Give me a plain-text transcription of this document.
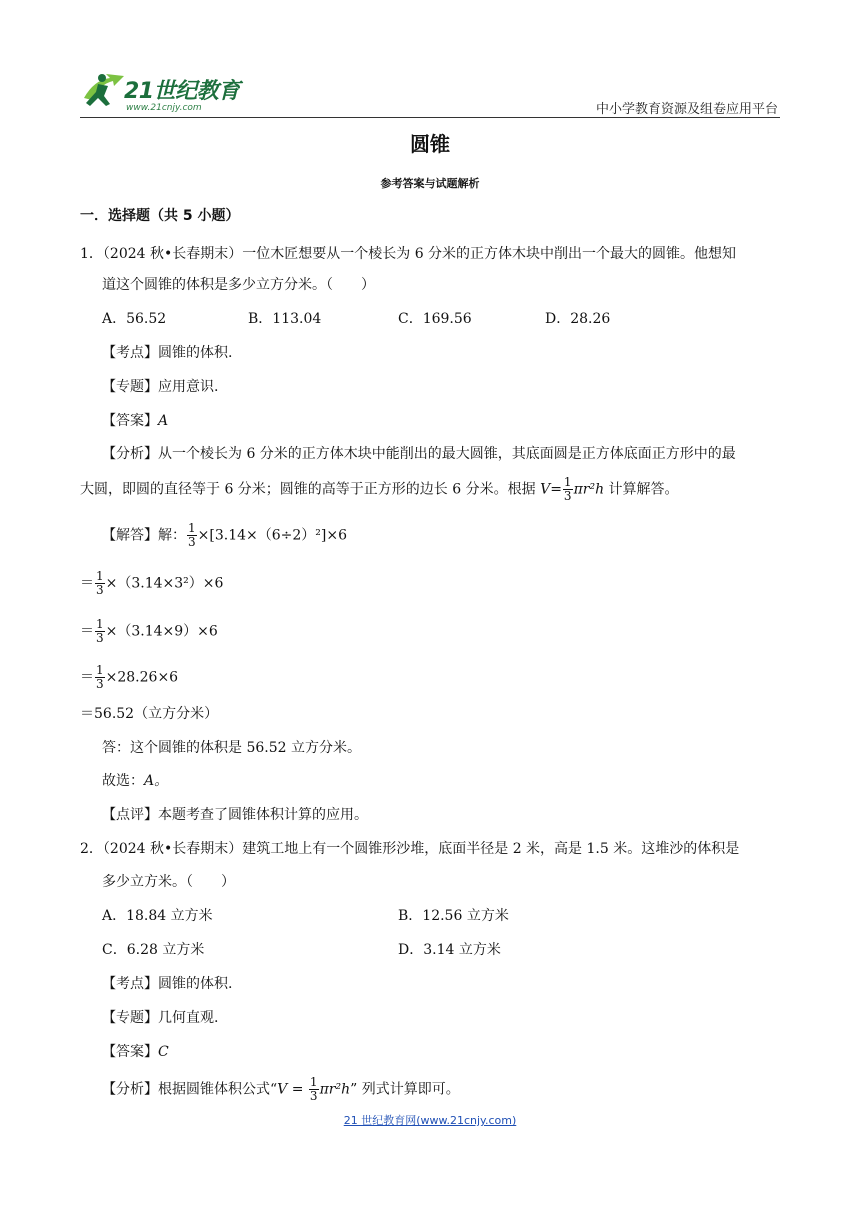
21世纪教育
www.21cnjy.com	中小学教育资源及组卷应用平台
圆锥
参考答案与试题解析
一．选择题（共 5 小题）
1．（2024 秋•长春期末）一位木匠想要从一个棱长为 6 分米的正方体木块中削出一个最大的圆锥。他想知
道这个圆锥的体积是多少立方分米。（　　）
A．56.52	B．113.04	C．169.56	D．28.26
【考点】圆锥的体积.
【专题】应用意识.
【答案】A
【分析】从一个棱长为 6 分米的正方体木块中能削出的最大圆锥，其底面圆是正方体底面正方形中的最
大圆，即圆的直径等于 6 分米；圆锥的高等于正方形的边长 6 分米。根据 $V= \frac{1}{3} \pi r^2h$ 计算解答。
【解答】解： $\frac{1}{3} \times[3.14\times(6\div 2)^2]\times 6$
＝ $\frac{1}{3} \times(3.14\times 3^2)\times 6$
＝ $\frac{1}{3} \times(3.14\times 9)\times 6$
＝ $\frac{1}{3} \times 28.26\times 6$
＝56.52（立方分米）
答：这个圆锥的体积是 56.52 立方分米。
故选：A。
【点评】本题考查了圆锥体积计算的应用。
2．（2024 秋•长春期末）建筑工地上有一个圆锥形沙堆，底面半径是 2 米，高是 1.5 米。这堆沙的体积是
多少立方米。（　　）
A．18.84 立方米	B．12.56 立方米
C．6.28 立方米	D．3.14 立方米
【考点】圆锥的体积.
【专题】几何直观.
【答案】C
【分析】根据圆锥体积公式“$V = \frac{1}{3} \pi r^2h$” 列式计算即可。
21 世纪教育网(www.21cnjy.com)
